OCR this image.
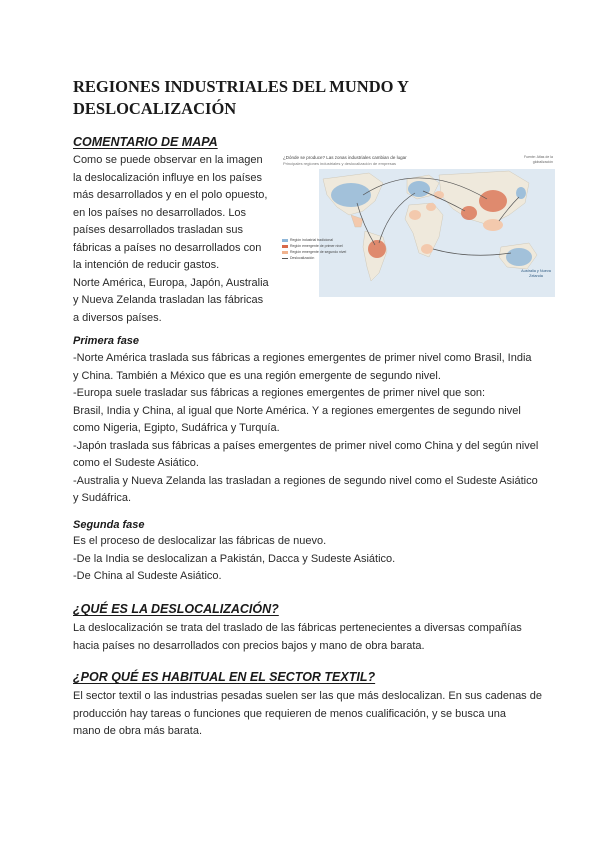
REGIONES INDUSTRIALES DEL MUNDO Y
DESLOCALIZACIÓN
COMENTARIO DE MAPA
Como se puede observar en la imagen
la deslocalización influye en los países
más desarrollados y en el polo opuesto,
en los países no desarrollados. Los
países desarrollados trasladan sus
fábricas a países no desarrollados con
la intención de reducir gastos.
Norte América, Europa, Japón, Australia
y Nueva Zelanda trasladan las fábricas
a diversos países.
¿Dónde se produce? Las zonas industriales cambian de lugar
Principales regiones industriales y deslocalización de empresas
Fuente: Atlas de la globalización
Región industrial tradicional
Región emergente de primer nivel
Región emergente de segundo nivel
Deslocalización
Australia y Nueva Zelanda
Primera fase
-Norte América traslada sus fábricas a regiones emergentes de primer nivel como Brasil, India
y China. También a México que es una región emergente de segundo nivel.
-Europa suele trasladar sus fábricas a regiones emergentes de primer nivel que son:
Brasil, India y China, al igual que Norte América. Y a regiones emergentes de segundo nivel
como Nigeria, Egipto, Sudáfrica y Turquía.
-Japón traslada sus fábricas a países emergentes de primer nivel como China y del según nivel
como el Sudeste Asiático.
-Australia y Nueva Zelanda las trasladan a regiones de segundo nivel como el Sudeste Asiático
y Sudáfrica.
Segunda fase
Es el proceso de deslocalizar las fábricas de nuevo.
-De la India se deslocalizan a Pakistán, Dacca y Sudeste Asiático.
-De China al Sudeste Asiático.
¿QUÉ ES LA DESLOCALIZACIÓN?
La deslocalización se trata del traslado de las fábricas pertenecientes a diversas compañías
hacia países no desarrollados con precios bajos y mano de obra barata.
¿POR QUÉ ES HABITUAL EN EL SECTOR TEXTIL?
El sector textil o las industrias pesadas suelen ser las que más deslocalizan. En sus cadenas de
producción hay tareas o funciones que requieren de menos cualificación, y se busca una
mano de obra más barata.
